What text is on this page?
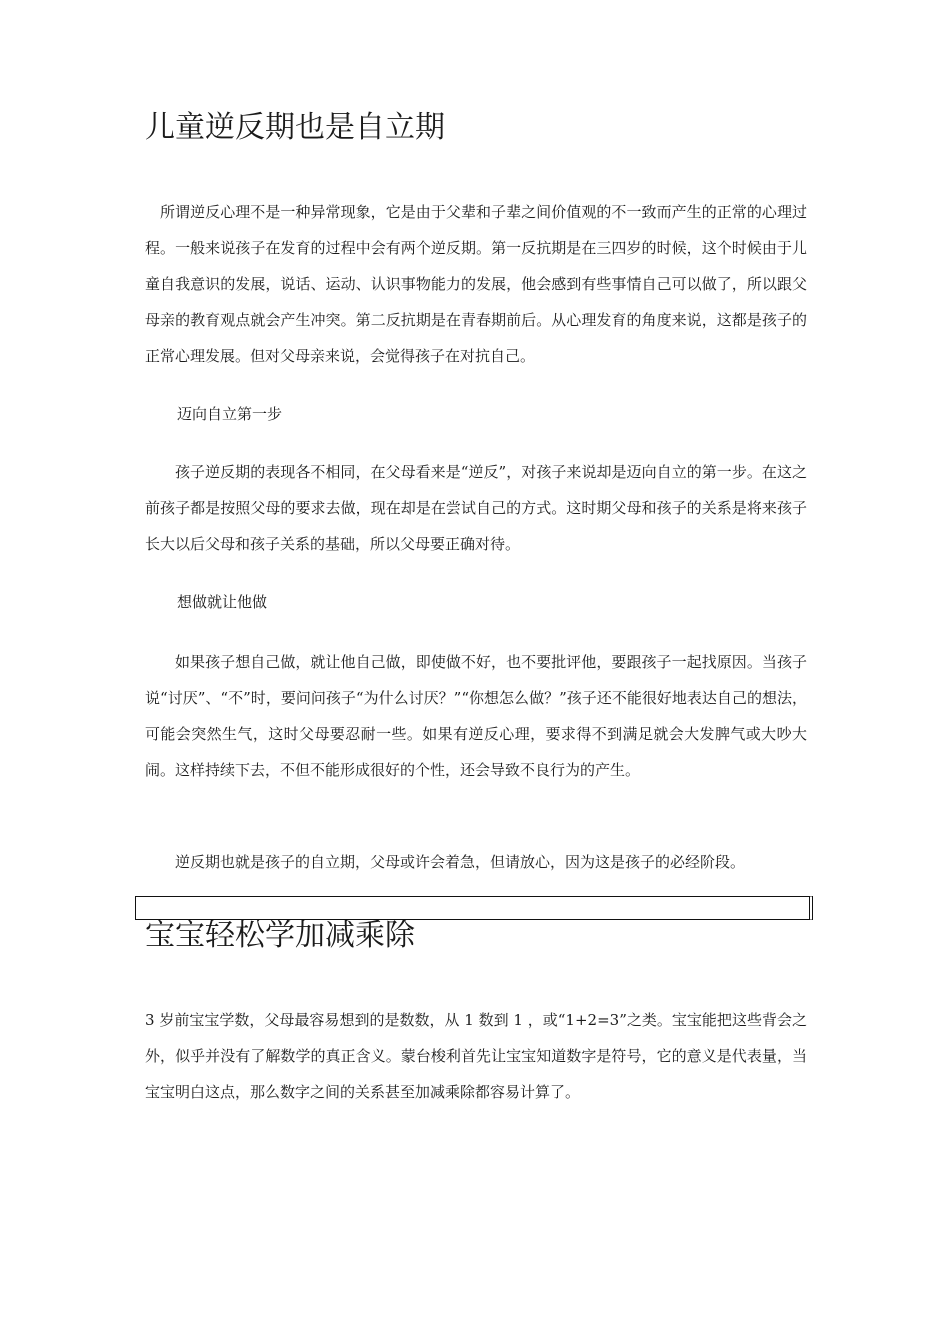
儿童逆反期也是自立期

所谓逆反心理不是一种异常现象，它是由于父辈和子辈之间价值观的不一致而产生的正常的心理过程。一般来说孩子在发育的过程中会有两个逆反期。第一反抗期是在三四岁的时候，这个时候由于儿童自我意识的发展，说话、运动、认识事物能力的发展，他会感到有些事情自己可以做了，所以跟父母亲的教育观点就会产生冲突。第二反抗期是在青春期前后。从心理发育的角度来说，这都是孩子的正常心理发展。但对父母亲来说，会觉得孩子在对抗自己。

迈向自立第一步

孩子逆反期的表现各不相同，在父母看来是“逆反”，对孩子来说却是迈向自立的第一步。在这之前孩子都是按照父母的要求去做，现在却是在尝试自己的方式。这时期父母和孩子的关系是将来孩子长大以后父母和孩子关系的基础，所以父母要正确对待。

想做就让他做

如果孩子想自己做，就让他自己做，即使做不好，也不要批评他，要跟孩子一起找原因。当孩子说“讨厌”、“不”时，要问问孩子“为什么讨厌？”“你想怎么做？”孩子还不能很好地表达自己的想法，可能会突然生气，这时父母要忍耐一些。如果有逆反心理，要求得不到满足就会大发脾气或大吵大闹。这样持续下去，不但不能形成很好的个性，还会导致不良行为的产生。

逆反期也就是孩子的自立期，父母或许会着急，但请放心，因为这是孩子的必经阶段。

宝宝轻松学加减乘除

3 岁前宝宝学数，父母最容易想到的是数数，从 1 数到 1 ，或“1+2=3”之类。宝宝能把这些背会之外，似乎并没有了解数学的真正含义。蒙台梭利首先让宝宝知道数字是符号，它的意义是代表量，当宝宝明白这点，那么数字之间的关系甚至加减乘除都容易计算了。
